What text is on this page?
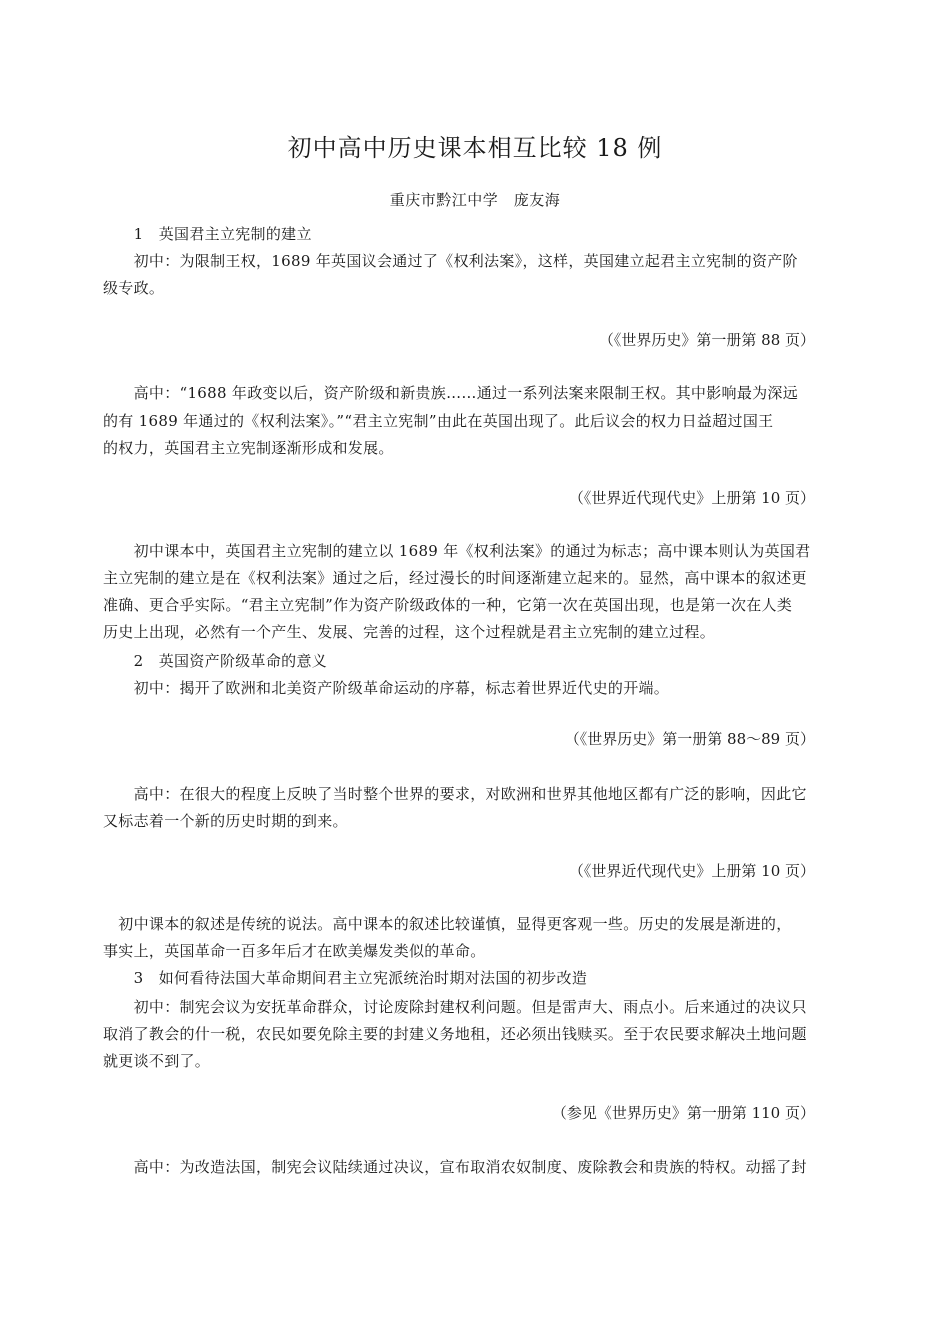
初中高中历史课本相互比较 18 例
重庆市黔江中学　庞友海
　　1　英国君主立宪制的建立
　　初中：为限制王权，1689 年英国议会通过了《权利法案》，这样，英国建立起君主立宪制的资产阶
级专政。
（《世界历史》第一册第 88 页）
　　高中：“1688 年政变以后，资产阶级和新贵族……通过一系列法案来限制王权。其中影响最为深远
的有 1689 年通过的《权利法案》。”“君主立宪制”由此在英国出现了。此后议会的权力日益超过国王
的权力，英国君主立宪制逐渐形成和发展。
（《世界近代现代史》上册第 10 页）
　　初中课本中，英国君主立宪制的建立以 1689 年《权利法案》的通过为标志；高中课本则认为英国君
主立宪制的建立是在《权利法案》通过之后，经过漫长的时间逐渐建立起来的。显然，高中课本的叙述更
准确、更合乎实际。“君主立宪制”作为资产阶级政体的一种，它第一次在英国出现，也是第一次在人类
历史上出现，必然有一个产生、发展、完善的过程，这个过程就是君主立宪制的建立过程。
　　2　英国资产阶级革命的意义
　　初中：揭开了欧洲和北美资产阶级革命运动的序幕，标志着世界近代史的开端。
（《世界历史》第一册第 88～89 页）
　　高中：在很大的程度上反映了当时整个世界的要求，对欧洲和世界其他地区都有广泛的影响，因此它
又标志着一个新的历史时期的到来。
（《世界近代现代史》上册第 10 页）
　初中课本的叙述是传统的说法。高中课本的叙述比较谨慎，显得更客观一些。历史的发展是渐进的，
事实上，英国革命一百多年后才在欧美爆发类似的革命。
　　3　如何看待法国大革命期间君主立宪派统治时期对法国的初步改造
　　初中：制宪会议为安抚革命群众，讨论废除封建权利问题。但是雷声大、雨点小。后来通过的决议只
取消了教会的什一税，农民如要免除主要的封建义务地租，还必须出钱赎买。至于农民要求解决土地问题
就更谈不到了。
（参见《世界历史》第一册第 110 页）
　　高中：为改造法国，制宪会议陆续通过决议，宣布取消农奴制度、废除教会和贵族的特权。动摇了封
